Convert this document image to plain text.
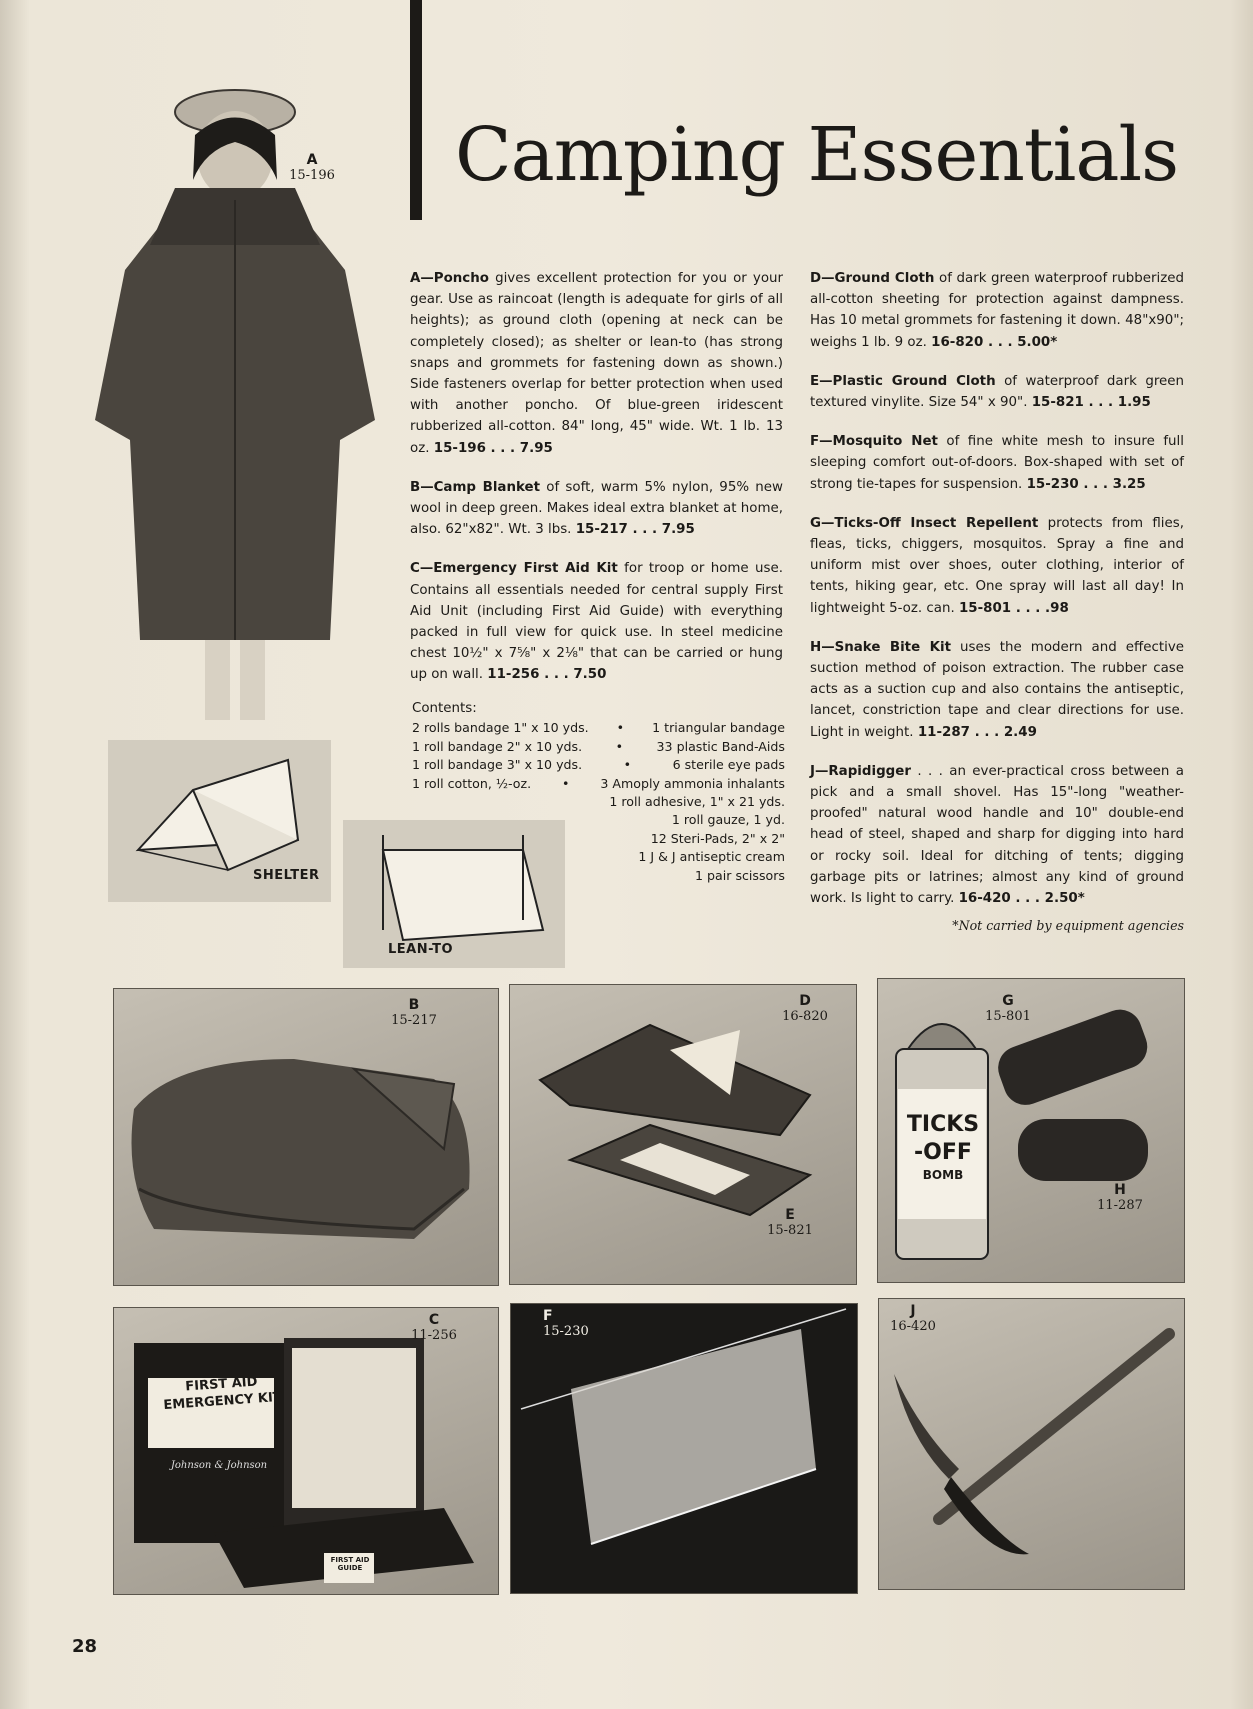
Camping Essentials
A
15-196
SHELTER
LEAN-TO

A—Poncho gives excellent protection for you or your gear. Use as raincoat (length is adequate for girls of all heights); as ground cloth (opening at neck can be completely closed); as shelter or lean-to (has strong snaps and grommets for fastening down as shown.) Side fasteners overlap for better protection when used with another poncho. Of blue-green iridescent rubberized all-cotton. 84" long, 45" wide. Wt. 1 lb. 13 oz. 15-196 . . . 7.95

B—Camp Blanket of soft, warm 5% nylon, 95% new wool in deep green. Makes ideal extra blanket at home, also. 62"x82". Wt. 3 lbs. 15-217 . . . 7.95

C—Emergency First Aid Kit for troop or home use. Contains all essentials needed for central supply First Aid Unit (including First Aid Guide) with everything packed in full view for quick use. In steel medicine chest 10½" x 7⅝" x 2⅛" that can be carried or hung up on wall. 11-256 . . . 7.50

Contents:
2 rolls bandage 1" x 10 yds. • 1 triangular bandage
1 roll bandage 2" x 10 yds.	•	33 plastic Band-Aids
1 roll bandage 3" x 10 yds.	•	6 sterile eye pads
1 roll cotton, ½-oz. • 3 Amoply ammonia inhalants
1 roll adhesive, 1" x 21 yds.
1 roll gauze, 1 yd.
12 Steri-Pads, 2" x 2"
1 J & J antiseptic cream
1 pair scissors

D—Ground Cloth of dark green waterproof rubberized all-cotton sheeting for protection against dampness. Has 10 metal grommets for fastening it down. 48"x90"; weighs 1 lb. 9 oz. 16-820 . . . 5.00*

E—Plastic Ground Cloth of waterproof dark green textured vinylite. Size 54" x 90". 15-821 . . . 1.95

F—Mosquito Net of fine white mesh to insure full sleeping comfort out-of-doors. Box-shaped with set of strong tie-tapes for suspension. 15-230 . . . 3.25

G—Ticks-Off Insect Repellent protects from flies, fleas, ticks, chiggers, mosquitos. Spray a fine and uniform mist over shoes, outer clothing, interior of tents, hiking gear, etc. One spray will last all day! In lightweight 5-oz. can. 15-801 . . . .98

H—Snake Bite Kit uses the modern and effective suction method of poison extraction. The rubber case acts as a suction cup and also contains the antiseptic, lancet, constriction tape and clear directions for use. Light in weight. 11-287 . . . 2.49

J—Rapidigger . . . an ever-practical cross between a pick and a small shovel. Has 15"-long "weather-proofed" natural wood handle and 10" double-end head of steel, shaped and sharp for digging into hard or rocky soil. Ideal for ditching of tents; digging garbage pits or latrines; almost any kind of ground work. Is light to carry. 16-420 . . . 2.50*

*Not carried by equipment agencies
B
15-217
D
16-820
E
15-821
TICKS
-OFF
BOMB
G
15-801
H
11-287
FIRST AID
EMERGENCY KIT
Johnson & Johnson
FIRST AID GUIDE
C
11-256
F
15-230
J
16-420
28
